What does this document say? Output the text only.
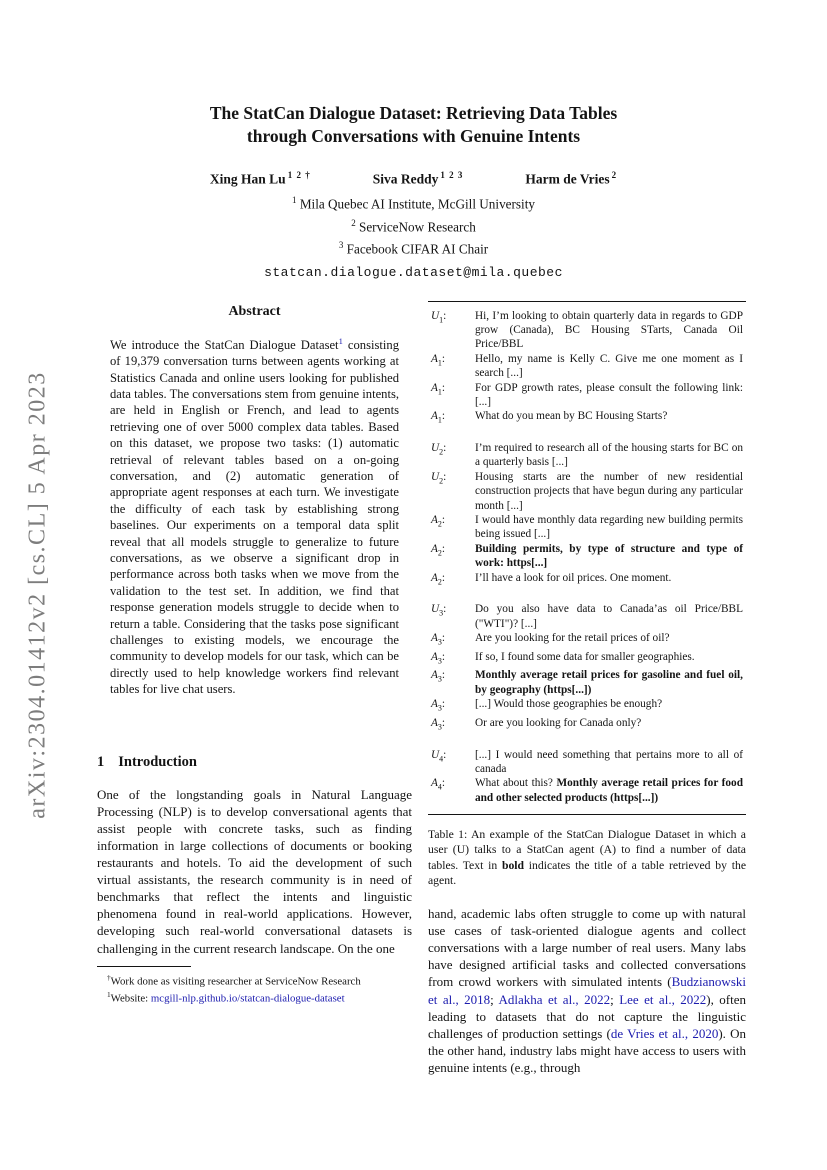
arXiv:2304.01412v2 [cs.CL] 5 Apr 2023
The StatCan Dialogue Dataset: Retrieving Data Tables
through Conversations with Genuine Intents
Xing Han Lu $^{1 2 \dagger}$	Siva Reddy $^{1 2 3}$	Harm de Vries $^2$
$^1$ Mila Quebec AI Institute, McGill University
$^2$ ServiceNow Research
$^3$ Facebook CIFAR AI Chair
statcan.dialogue.dataset@mila.quebec
Abstract

We introduce the StatCan Dialogue Dataset$^1$ consisting of 19,379 conversation turns between agents working at Statistics Canada and online users looking for published data tables. The conversations stem from genuine intents, are held in English or French, and lead to agents retrieving one of over 5000 complex data tables. Based on this dataset, we propose two tasks: (1) automatic retrieval of relevant tables based on a on-going conversation, and (2) automatic generation of appropriate agent responses at each turn. We investigate the difficulty of each task by establishing strong baselines. Our experiments on a temporal data split reveal that all models struggle to generalize to future conversations, as we observe a significant drop in performance across both tasks when we move from the validation to the test set. In addition, we find that response generation models struggle to decide when to return a table. Considering that the tasks pose significant challenges to existing models, we encourage the community to develop models for our task, which can be directly used to help knowledge workers find relevant tables for live chat users.

1 Introduction

One of the longstanding goals in Natural Language Processing (NLP) is to develop conversational agents that assist people with concrete tasks, such as finding information in large collections of documents or booking restaurants and hotels. To aid the development of such virtual assistants, the research community is in need of benchmarks that reflect the intents and linguistic phenomena found in real-world applications. However, developing such real-world conversational datasets is challenging in the current research landscape. On the one

†Work done as visiting researcher at ServiceNow Research
$^1$Website: mcgill-nlp.github.io/statcan-dialogue-dataset
$U_1$:	Hi, I’m looking to obtain quarterly data in regards to GDP grow (Canada), BC Housing STarts, Canada Oil Price/BBL
$A_1$:	Hello, my name is Kelly C. Give me one moment as I search [...]
$A_1$:	For GDP growth rates, please consult the following link: [...]
$A_1$:	What do you mean by BC Housing Starts?
$U_2$:	I’m required to research all of the housing starts for BC on a quarterly basis [...]
$U_2$:	Housing starts are the number of new residential construction projects that have begun during any particular month [...]
$A_2$:	I would have monthly data regarding new building permits being issued [...]
$A_2$:	Building permits, by type of structure and type of work: https[...]
$A_2$:	I’ll have a look for oil prices. One moment.
$U_3$:	Do you also have data to Canada’as oil Price/BBL ("WTI")? [...]
$A_3$:	Are you looking for the retail prices of oil?
$A_3$:	If so, I found some data for smaller geographies.
$A_3$:	Monthly average retail prices for gasoline and fuel oil, by geography (https[...])
$A_3$:	[...] Would those geographies be enough?
$A_3$:	Or are you looking for Canada only?
$U_4$:	[...] I would need something that pertains more to all of canada
$A_4$:	What about this? Monthly average retail prices for food and other selected products (https[...])

Table 1: An example of the StatCan Dialogue Dataset in which a user (U) talks to a StatCan agent (A) to find a number of data tables. Text in bold indicates the title of a table retrieved by the agent.

hand, academic labs often struggle to come up with natural use cases of task-oriented dialogue agents and collect conversations with a large number of real users. Many labs have designed artificial tasks and collected conversations from crowd workers with simulated intents (Budzianowski et al., 2018; Adlakha et al., 2022; Lee et al., 2022), often leading to datasets that do not capture the linguistic challenges of production settings (de Vries et al., 2020). On the other hand, industry labs might have access to users with genuine intents (e.g., through
